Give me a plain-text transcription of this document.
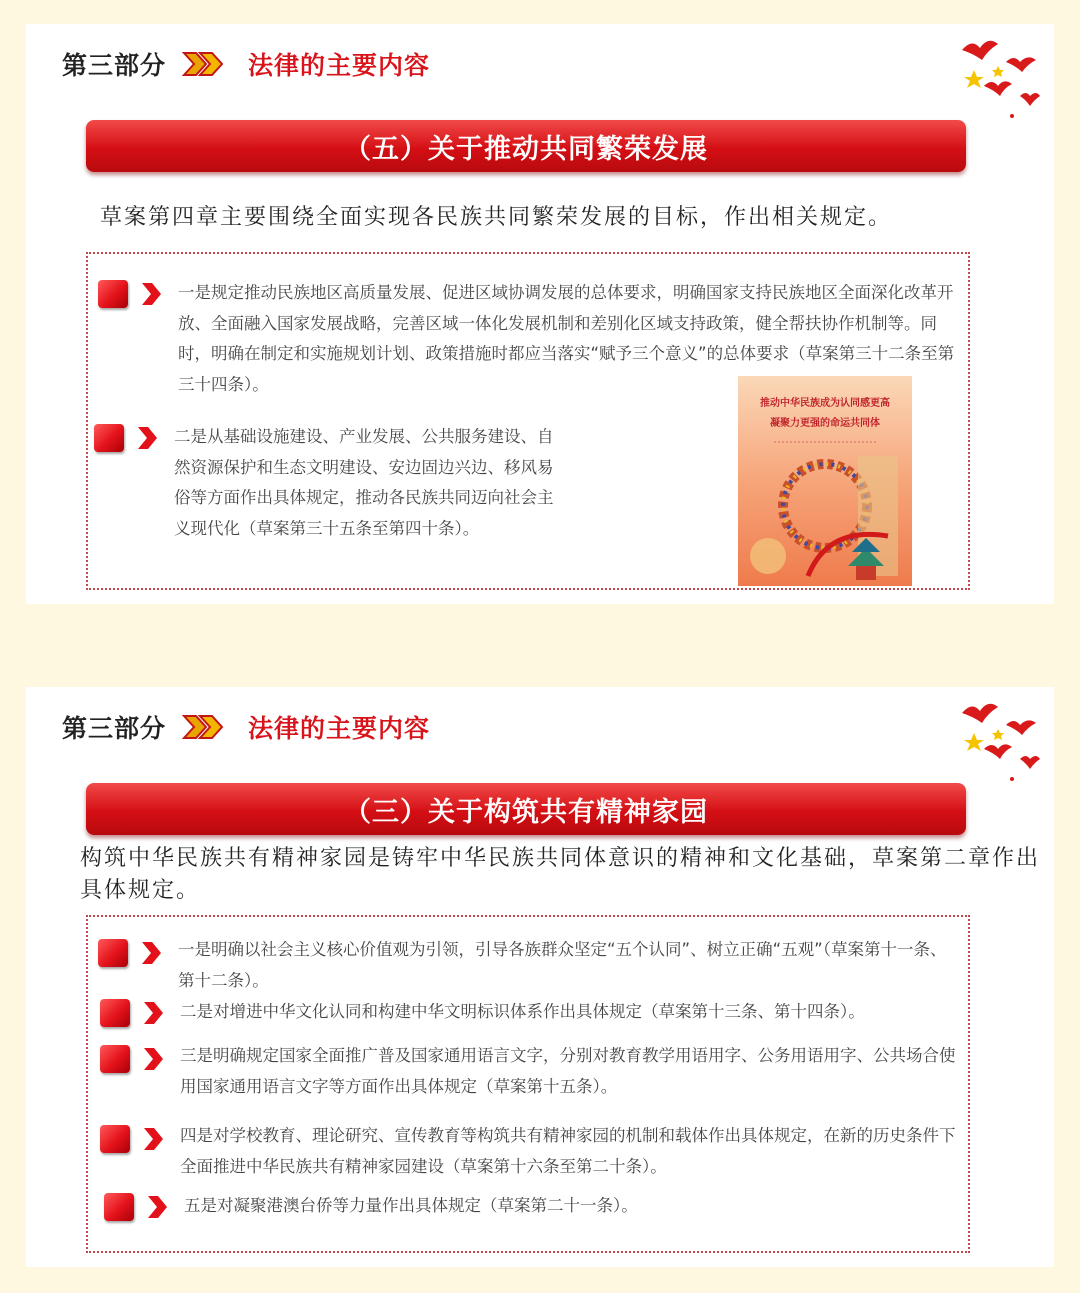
第三部分	法律的主要内容
（五）关于推动共同繁荣发展
草案第四章主要围绕全面实现各民族共同繁荣发展的目标，作出相关规定。
一是规定推动民族地区高质量发展、促进区域协调发展的总体要求，明确国家支持民族地区全面深化改革开放、全面融入国家发展战略，完善区域一体化发展机制和差别化区域支持政策，健全帮扶协作机制等。同时，明确在制定和实施规划计划、政策措施时都应当落实“赋予三个意义”的总体要求（草案第三十二条至第三十四条）。
二是从基础设施建设、产业发展、公共服务建设、自然资源保护和生态文明建设、安边固边兴边、移风易俗等方面作出具体规定，推动各民族共同迈向社会主义现代化（草案第三十五条至第四十条）。
推动中华民族成为认同感更高
凝聚力更强的命运共同体
第三部分	法律的主要内容
（三）关于构筑共有精神家园
构筑中华民族共有精神家园是铸牢中华民族共同体意识的精神和文化基础，草案第二章作出具体规定。
一是明确以社会主义核心价值观为引领，引导各族群众坚定“五个认同”、树立正确“五观”（草案第十一条、第十二条）。
二是对增进中华文化认同和构建中华文明标识体系作出具体规定（草案第十三条、第十四条）。
三是明确规定国家全面推广普及国家通用语言文字，分别对教育教学用语用字、公务用语用字、公共场合使用国家通用语言文字等方面作出具体规定（草案第十五条）。
四是对学校教育、理论研究、宣传教育等构筑共有精神家园的机制和载体作出具体规定，在新的历史条件下全面推进中华民族共有精神家园建设（草案第十六条至第二十条）。
五是对凝聚港澳台侨等力量作出具体规定（草案第二十一条）。
